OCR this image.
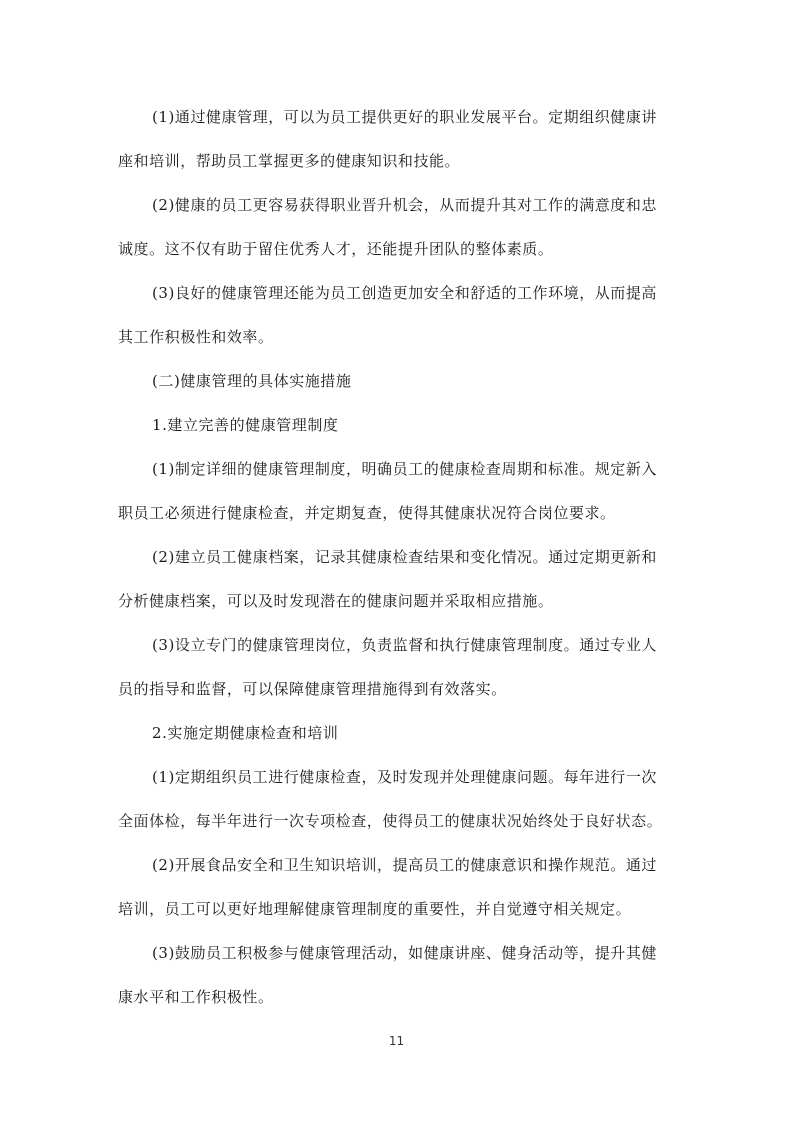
(1)通过健康管理，可以为员工提供更好的职业发展平台。定期组织健康讲
座和培训，帮助员工掌握更多的健康知识和技能。
(2)健康的员工更容易获得职业晋升机会，从而提升其对工作的满意度和忠
诚度。这不仅有助于留住优秀人才，还能提升团队的整体素质。
(3)良好的健康管理还能为员工创造更加安全和舒适的工作环境，从而提高
其工作积极性和效率。
(二)健康管理的具体实施措施
1.建立完善的健康管理制度
(1)制定详细的健康管理制度，明确员工的健康检查周期和标准。规定新入
职员工必须进行健康检查，并定期复查，使得其健康状况符合岗位要求。
(2)建立员工健康档案，记录其健康检查结果和变化情况。通过定期更新和
分析健康档案，可以及时发现潜在的健康问题并采取相应措施。
(3)设立专门的健康管理岗位，负责监督和执行健康管理制度。通过专业人
员的指导和监督，可以保障健康管理措施得到有效落实。
2.实施定期健康检查和培训
(1)定期组织员工进行健康检查，及时发现并处理健康问题。每年进行一次
全面体检，每半年进行一次专项检查，使得员工的健康状况始终处于良好状态。
(2)开展食品安全和卫生知识培训，提高员工的健康意识和操作规范。通过
培训，员工可以更好地理解健康管理制度的重要性，并自觉遵守相关规定。
(3)鼓励员工积极参与健康管理活动，如健康讲座、健身活动等，提升其健
康水平和工作积极性。
11
